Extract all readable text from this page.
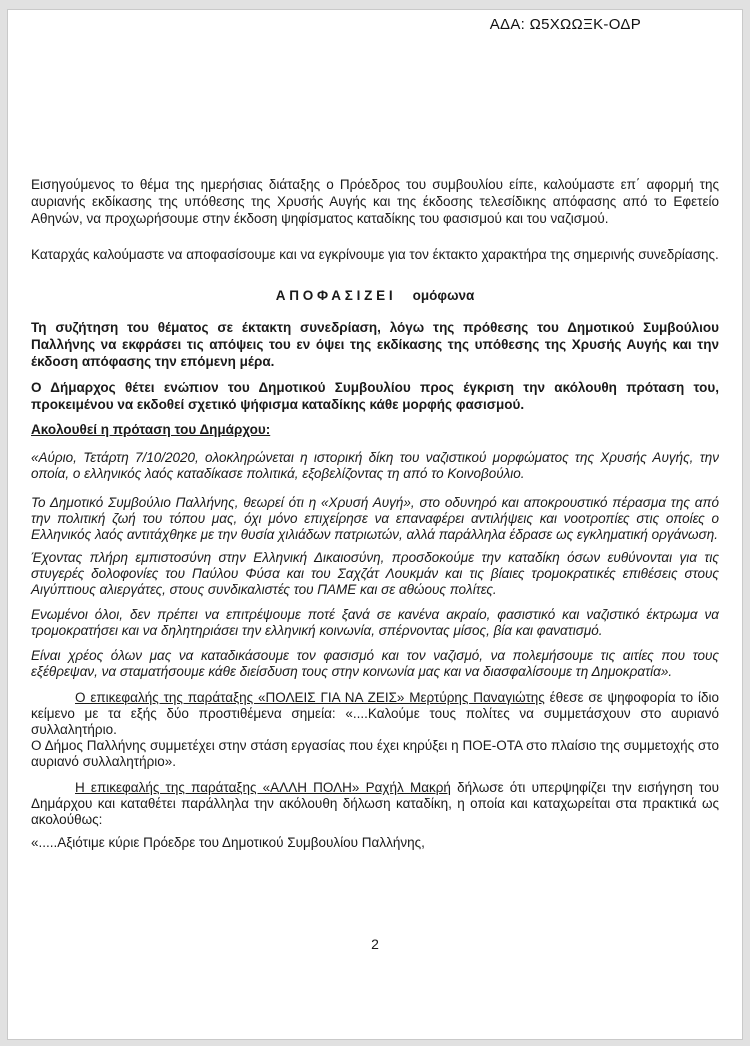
ΑΔΑ: Ω5ΧΩΩΞΚ-ΟΔΡ

Εισηγούμενος το θέμα της ημερήσιας διάταξης ο Πρόεδρος του συμβουλίου είπε, καλούμαστε επ΄ αφορμή της αυριανής εκδίκασης της υπόθεσης της Χρυσής Αυγής και της έκδοσης τελεσίδικης απόφασης από το Εφετείο Αθηνών, να προχωρήσουμε στην έκδοση ψηφίσματος καταδίκης του φασισμού και του ναζισμού.

Καταρχάς καλούμαστε να αποφασίσουμε και να εγκρίνουμε για τον έκτακτο χαρακτήρα της σημερινής συνεδρίασης.

Α Π Ο Φ Α Σ Ι Ζ Ε Ι ομόφωνα

Τη συζήτηση του θέματος σε έκτακτη συνεδρίαση, λόγω της πρόθεσης του Δημοτικού Συμβούλιου Παλλήνης να εκφράσει τις απόψεις του εν όψει της εκδίκασης της υπόθεσης της Χρυσής Αυγής και την έκδοση απόφασης την επόμενη μέρα.

Ο Δήμαρχος θέτει ενώπιον του Δημοτικού Συμβουλίου προς έγκριση την ακόλουθη πρόταση του, προκειμένου να εκδοθεί σχετικό ψήφισμα καταδίκης κάθε μορφής φασισμού.

Ακολουθεί η πρόταση του Δημάρχου:

«Αύριο, Τετάρτη 7/10/2020, ολοκληρώνεται η ιστορική δίκη του ναζιστικού μορφώματος της Χρυσής Αυγής, την οποία, ο ελληνικός λαός καταδίκασε πολιτικά, εξοβελίζοντας τη από το Κοινοβούλιο.

Το Δημοτικό Συμβούλιο Παλλήνης, θεωρεί ότι η «Χρυσή Αυγή», στο οδυνηρό και αποκρουστικό πέρασμα της από την πολιτική ζωή του τόπου μας, όχι μόνο επιχείρησε να επαναφέρει αντιλήψεις και νοοτροπίες στις οποίες ο Ελληνικός λαός αντιτάχθηκε με την θυσία χιλιάδων πατριωτών, αλλά παράλληλα έδρασε ως εγκληματική οργάνωση.

Έχοντας πλήρη εμπιστοσύνη στην Ελληνική Δικαιοσύνη, προσδοκούμε την καταδίκη όσων ευθύνονται για τις στυγερές δολοφονίες του Παύλου Φύσα και του Σαχζάτ Λουκμάν και τις βίαιες τρομοκρατικές επιθέσεις στους Αιγύπτιους αλιεργάτες, στους συνδικαλιστές του ΠΑΜΕ και σε αθώους πολίτες.

Ενωμένοι όλοι, δεν πρέπει να επιτρέψουμε ποτέ ξανά σε κανένα ακραίο, φασιστικό και ναζιστικό έκτρωμα να τρομοκρατήσει και να δηλητηριάσει την ελληνική κοινωνία, σπέρνοντας μίσος, βία και φανατισμό.

Είναι χρέος όλων μας να καταδικάσουμε τον φασισμό και τον ναζισμό, να πολεμήσουμε τις αιτίες που τους εξέθρεψαν, να σταματήσουμε κάθε διείσδυση τους στην κοινωνία μας και να διασφαλίσουμε τη Δημοκρατία».

Ο επικεφαλής της παράταξης «ΠΟΛΕΙΣ ΓΙΑ ΝΑ ΖΕΙΣ» Μερτύρης Παναγιώτης έθεσε σε ψηφοφορία το ίδιο κείμενο με τα εξής δύο προστιθέμενα σημεία: «....Καλούμε τους πολίτες να συμμετάσχουν στο αυριανό συλλαλητήριο.
Ο Δήμος Παλλήνης συμμετέχει στην στάση εργασίας που έχει κηρύξει η ΠΟΕ-ΟΤΑ στο πλαίσιο της συμμετοχής στο αυριανό συλλαλητήριο».

Η επικεφαλής της παράταξης «ΑΛΛΗ ΠΟΛΗ» Ραχήλ Μακρή δήλωσε ότι υπερψηφίζει την εισήγηση του Δημάρχου και καταθέτει παράλληλα την ακόλουθη δήλωση καταδίκη, η οποία και καταχωρείται στα πρακτικά ως ακολούθως:

«.....Αξιότιμε κύριε Πρόεδρε του Δημοτικού Συμβουλίου Παλλήνης,

2
